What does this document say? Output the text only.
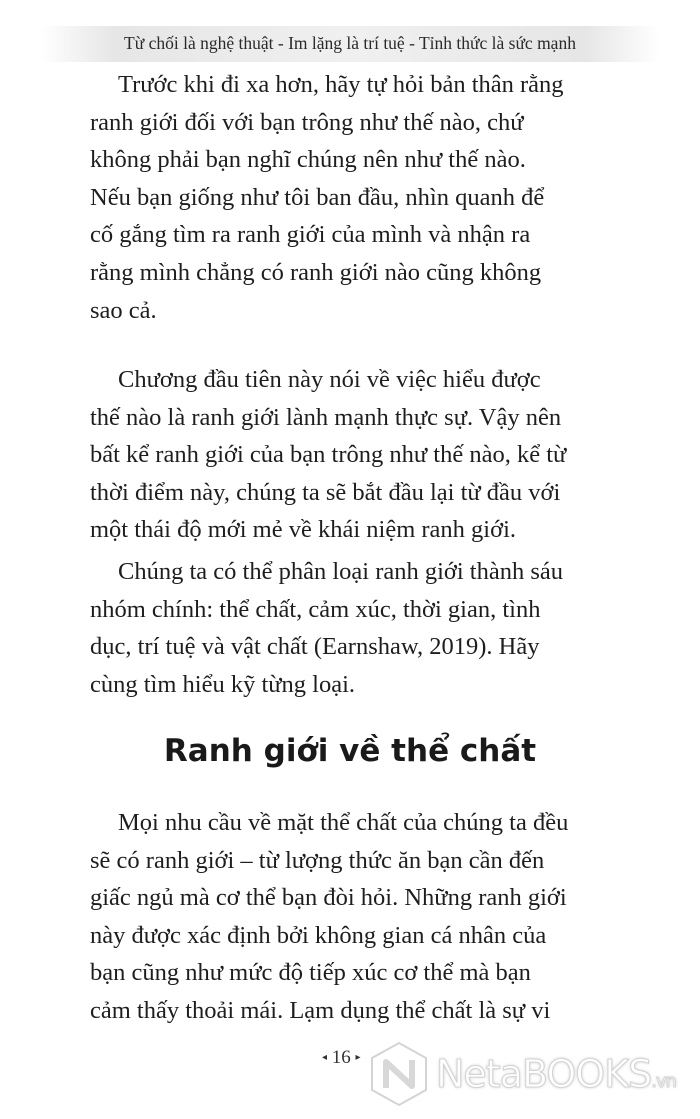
Từ chối là nghệ thuật - Im lặng là trí tuệ - Tỉnh thức là sức mạnh
Trước khi đi xa hơn, hãy tự hỏi bản thân rằng
ranh giới đối với bạn trông như thế nào, chứ
không phải bạn nghĩ chúng nên như thế nào.
Nếu bạn giống như tôi ban đầu, nhìn quanh để
cố gắng tìm ra ranh giới của mình và nhận ra
rằng mình chẳng có ranh giới nào cũng không
sao cả.
Chương đầu tiên này nói về việc hiểu được
thế nào là ranh giới lành mạnh thực sự. Vậy nên
bất kể ranh giới của bạn trông như thế nào, kể từ
thời điểm này, chúng ta sẽ bắt đầu lại từ đầu với
một thái độ mới mẻ về khái niệm ranh giới.
Chúng ta có thể phân loại ranh giới thành sáu
nhóm chính: thể chất, cảm xúc, thời gian, tình
dục, trí tuệ và vật chất (Earnshaw, 2019). Hãy
cùng tìm hiểu kỹ từng loại.
Ranh giới về thể chất
Mọi nhu cầu về mặt thể chất của chúng ta đều
sẽ có ranh giới – từ lượng thức ăn bạn cần đến
giấc ngủ mà cơ thể bạn đòi hỏi. Những ranh giới
này được xác định bởi không gian cá nhân của
bạn cũng như mức độ tiếp xúc cơ thể mà bạn
cảm thấy thoải mái. Lạm dụng thể chất là sự vi
◂ 16 ▸ NetaBOOKS.vn
